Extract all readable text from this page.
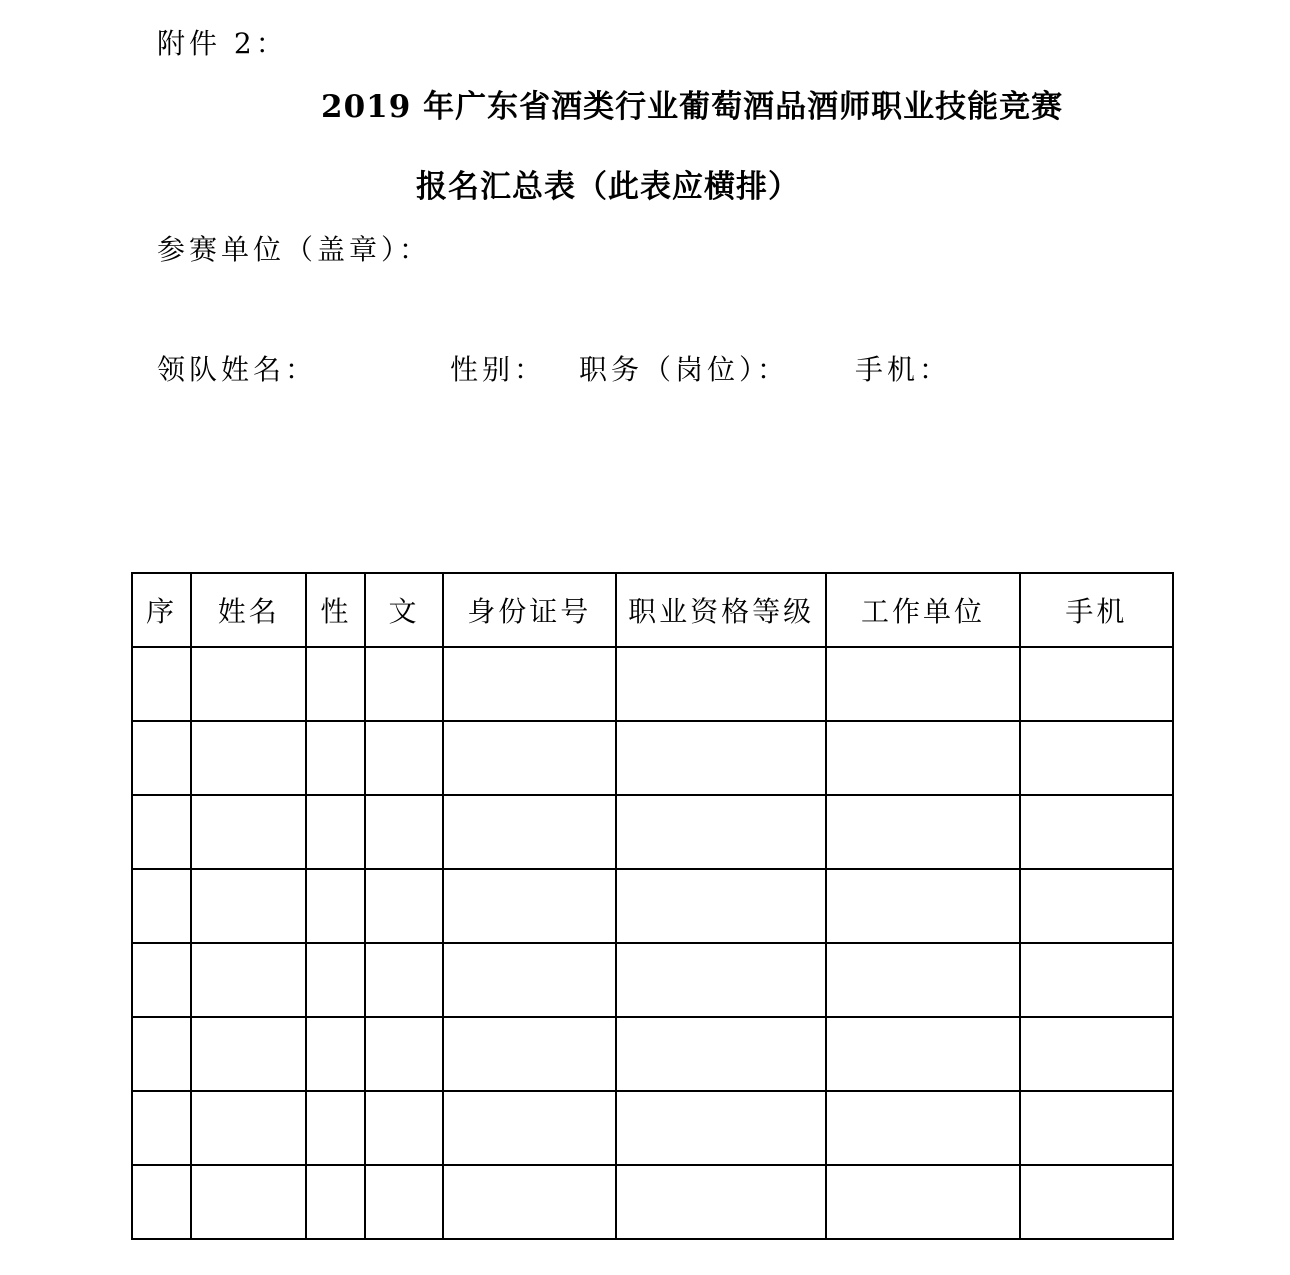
附件 2：
2019 年广东省酒类行业葡萄酒品酒师职业技能竞赛
报名汇总表（此表应横排）
参赛单位（盖章）：
领队姓名：	性别： 职务（岗位）： 手机：
序	姓名	性	文	身份证号	职业资格等级	工作单位	手机
